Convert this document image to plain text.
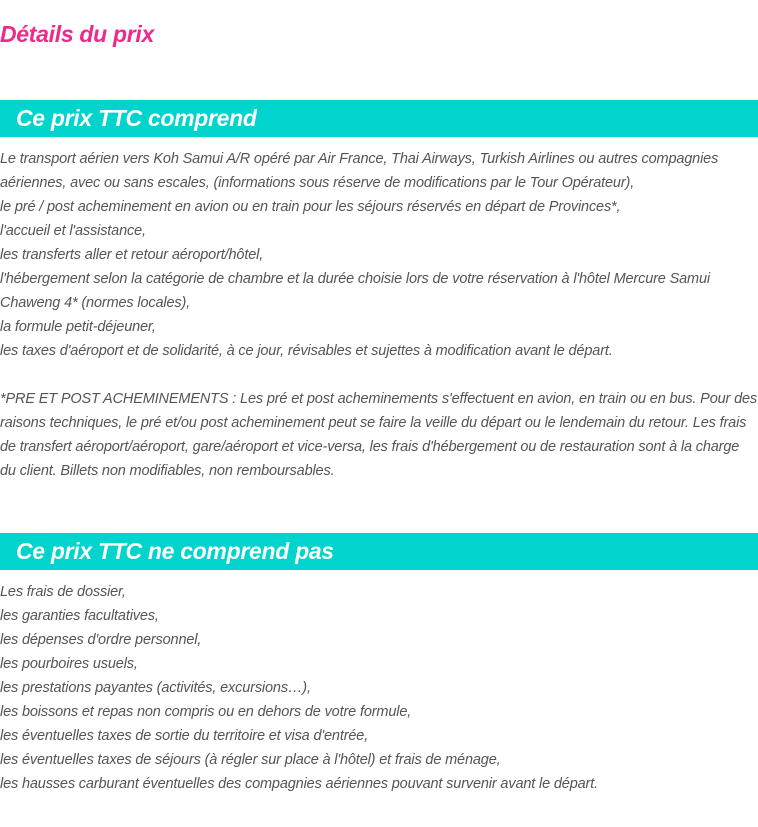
Détails du prix
Ce prix TTC comprend

Le transport aérien vers Koh Samui A/R opéré par Air France, Thai Airways, Turkish Airlines ou autres compagnies aériennes, avec ou sans escales, (informations sous réserve de modifications par le Tour Opérateur),

le pré / post acheminement en avion ou en train pour les séjours réservés en départ de Provinces*,

l'accueil et l'assistance,

les transferts aller et retour aéroport/hôtel,

l'hébergement selon la catégorie de chambre et la durée choisie lors de votre réservation à l'hôtel Mercure Samui Chaweng 4* (normes locales),

la formule petit-déjeuner,

les taxes d'aéroport et de solidarité, à ce jour, révisables et sujettes à modification avant le départ.

*PRE ET POST ACHEMINEMENTS : Les pré et post acheminements s'effectuent en avion, en train ou en bus. Pour des raisons techniques, le pré et/ou post acheminement peut se faire la veille du départ ou le lendemain du retour. Les frais de transfert aéroport/aéroport, gare/aéroport et vice-versa, les frais d'hébergement ou de restauration sont à la charge du client. Billets non modifiables, non remboursables.

Ce prix TTC ne comprend pas

Les frais de dossier,

les garanties facultatives,

les dépenses d'ordre personnel,

les pourboires usuels,

les prestations payantes (activités, excursions…),

les boissons et repas non compris ou en dehors de votre formule,

les éventuelles taxes de sortie du territoire et visa d'entrée,

les éventuelles taxes de séjours (à régler sur place à l'hôtel) et frais de ménage,

les hausses carburant éventuelles des compagnies aériennes pouvant survenir avant le départ.
